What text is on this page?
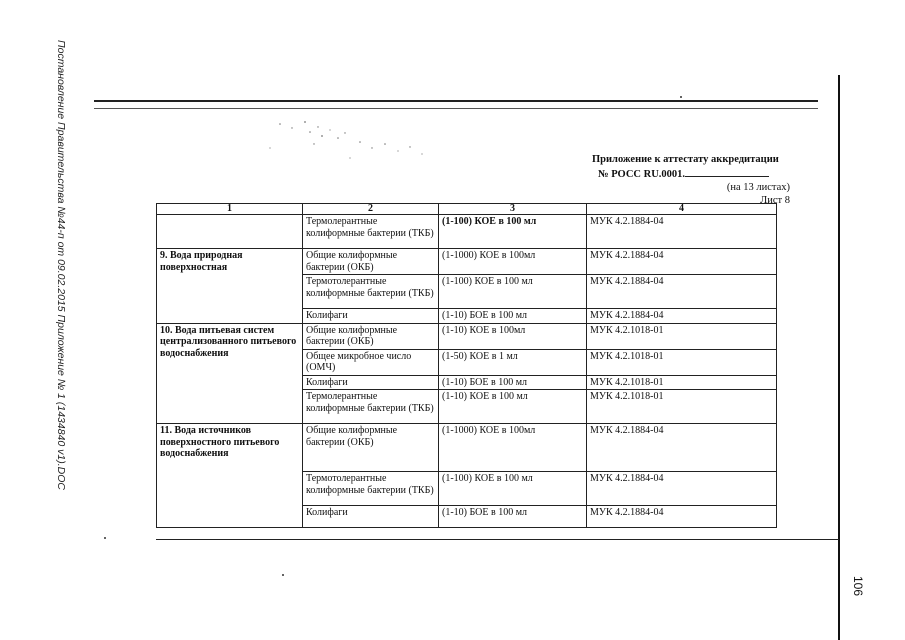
Постановление Правительства №44-п от 09.02.2015 Приложение № 1 (1434840 v1).DOC	Приложение к аттестату аккредитации
№ РОСС RU.0001.
(на 13 листах)
Лист 8
1	2	3	4
	Термолерантные колиформные бактерии (ТКБ)	(1-100) КОЕ в 100 мл	МУК 4.2.1884-04
9. Вода природная поверхностная	Общие колиформные бактерии (ОКБ)	(1-1000) КОЕ в 100мл	МУК 4.2.1884-04
	Термотолерантные колиформные бактерии (ТКБ)	(1-100) КОЕ в 100 мл	МУК 4.2.1884-04
	Колифаги	(1-10) БОЕ в 100 мл	МУК 4.2.1884-04
10. Вода питьевая систем централизованного питьевого водоснабжения	Общие колиформные бактерии (ОКБ)	(1-10) КОЕ в 100мл	МУК 4.2.1018-01
	Общее микробное число (ОМЧ)	(1-50) КОЕ в 1 мл	МУК 4.2.1018-01
	Колифаги	(1-10) БОЕ в 100 мл	МУК 4.2.1018-01
	Термолерантные колиформные бактерии (ТКБ)	(1-10) КОЕ в 100 мл	МУК 4.2.1018-01
11. Вода источников поверхностного питьевого водоснабжения	Общие колиформные бактерии (ОКБ)	(1-1000) КОЕ в 100мл	МУК 4.2.1884-04
	Термотолерантные колиформные бактерии (ТКБ)	(1-100) КОЕ в 100 мл	МУК 4.2.1884-04
	Колифаги	(1-10) БОЕ в 100 мл	МУК 4.2.1884-04
106
